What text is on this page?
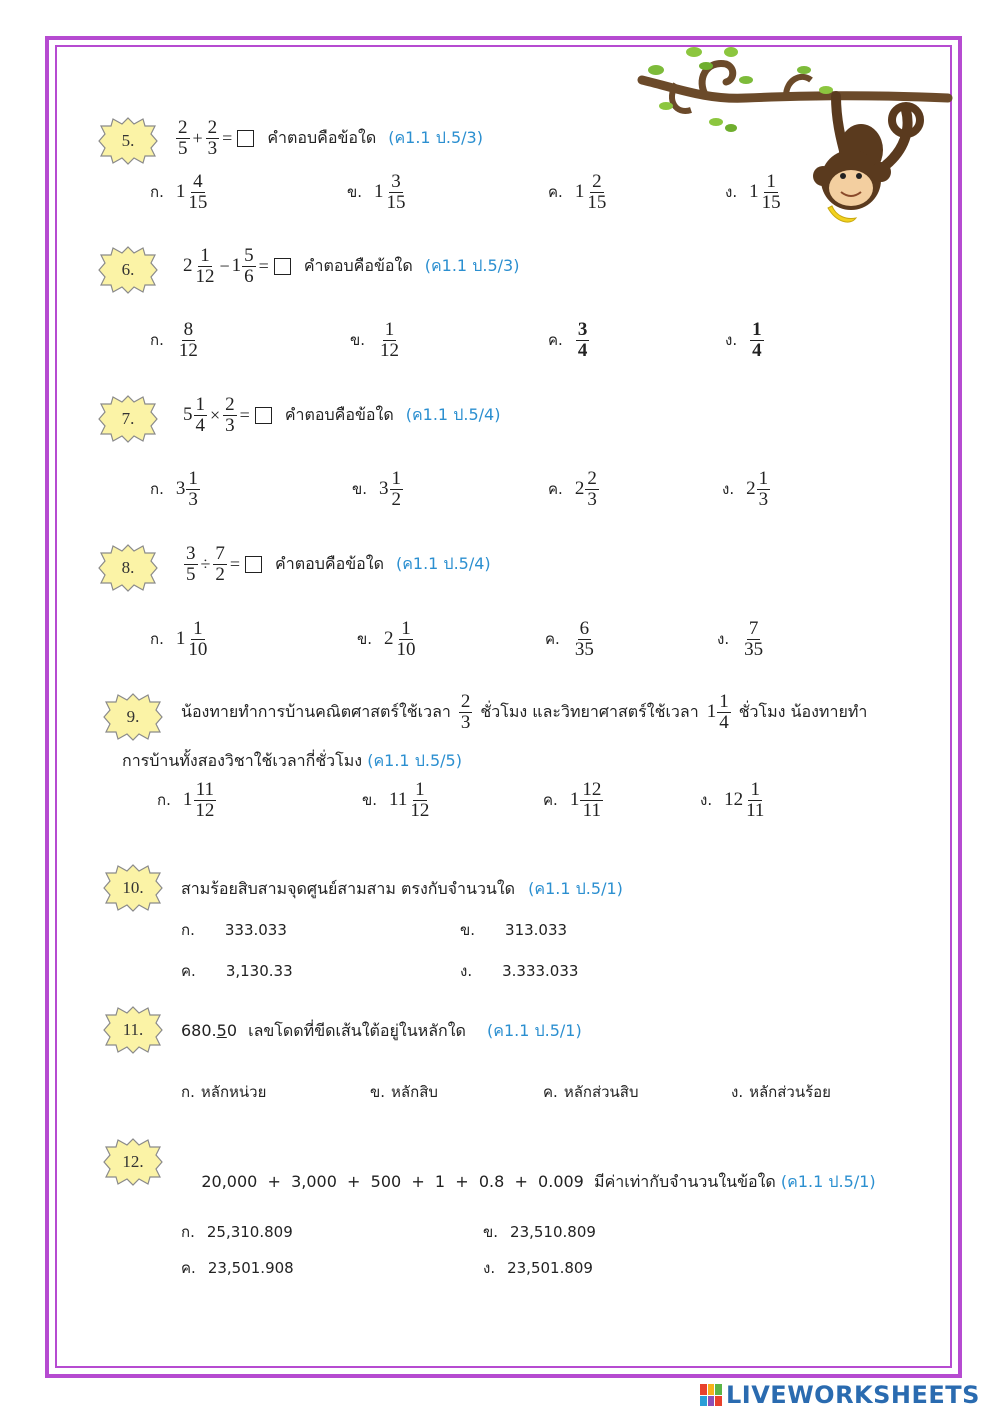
5.	$\frac{2}{5} + \frac{2}{3}$ = คำตอบคือข้อใด (ค1.1 ป.5/3)
ก. $1 \frac{4}{15}$	ข. $1 \frac{3}{15}$	ค. $1 \frac{2}{15}$	ง. $1 \frac{1}{15}$
6.	$2 \frac{1}{12} - 1 \frac{5}{6}$ = คำตอบคือข้อใด (ค1.1 ป.5/3)
ก. $\frac{8}{12}$	ข. $\frac{1}{12}$	ค. $\frac{3}{4}$	ง. $\frac{1}{4}$
7.	$5 \frac{1}{4} \times \frac{2}{3}$ = คำตอบคือข้อใด (ค1.1 ป.5/4)
ก. $3 \frac{1}{3}$	ข. $3 \frac{1}{2}$	ค. $2 \frac{2}{3}$	ง. $2 \frac{1}{3}$
8.	$\frac{3}{5} \div \frac{7}{2}$ = คำตอบคือข้อใด (ค1.1 ป.5/4)
ก. $1 \frac{1}{10}$	ข. $2 \frac{1}{10}$	ค. $\frac{6}{35}$	ง. $\frac{7}{35}$
9.	น้องทายทำการบ้านคณิตศาสตร์ใช้เวลา $\frac{2}{3}$ ชั่วโมง และวิทยาศาสตร์ใช้เวลา $1 \frac{1}{4}$ ชั่วโมง น้องทายทำ
การบ้านทั้งสองวิชาใช้เวลากี่ชั่วโมง (ค1.1 ป.5/5)
ก. $1 \frac{11}{12}$	ข. $11 \frac{1}{12}$	ค. $1 \frac{12}{11}$	ง. $12 \frac{1}{11}$
10.	สามร้อยสิบสามจุดศูนย์สามสาม ตรงกับจำนวนใด (ค1.1 ป.5/1)
ก. 333.033	ข. 313.033
ค. 3,130.33	ง. 3.333.033
11.	680.50 เลขโดดที่ขีดเส้นใต้อยู่ในหลักใด (ค1.1 ป.5/1)
ก. หลักหน่วย	ข. หลักสิบ	ค. หลักส่วนสิบ	ง. หลักส่วนร้อย
12.

20,000  +  3,000  +  500  +  1  +  0.8  +  0.009  มีค่าเท่ากับจำนวนในข้อใด (ค1.1 ป.5/1)

ก. 25,310.809	ข. 23,510.809
ค. 23,501.908	ง. 23,501.809
LIVEWORKSHEETS
